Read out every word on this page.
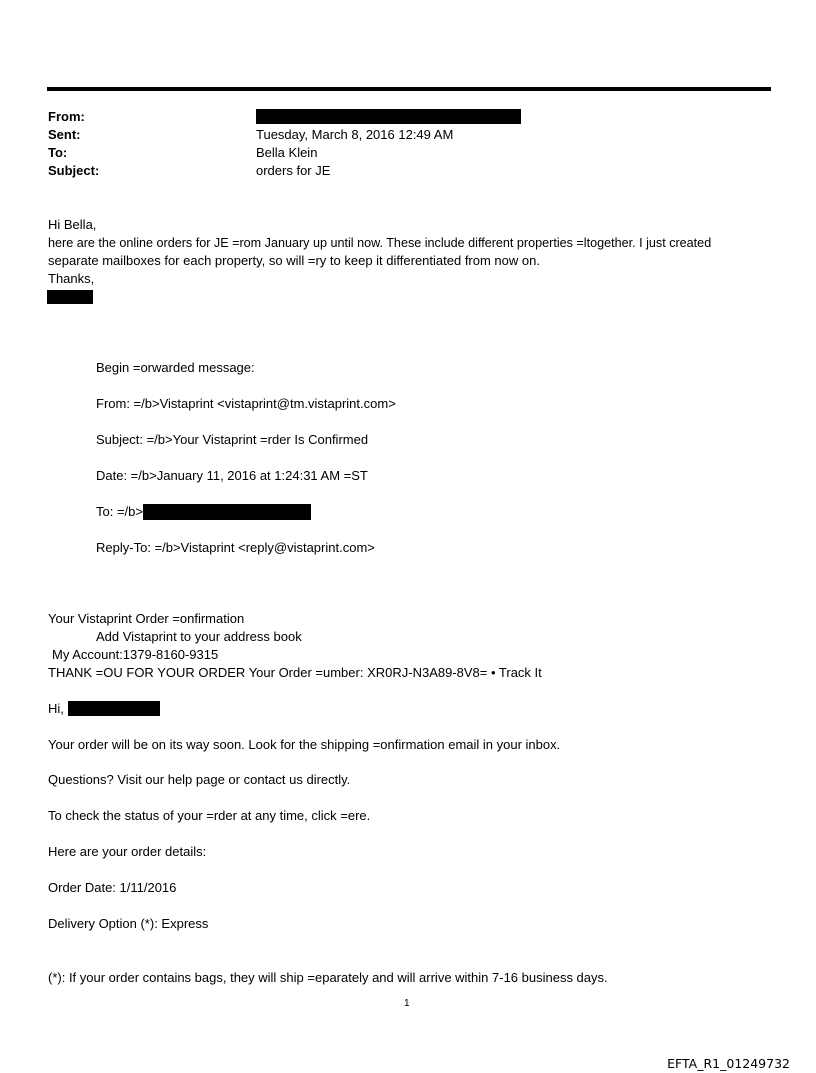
From:
Sent:	Tuesday, March 8, 2016 12:49 AM
To:	Bella Klein
Subject:	orders for JE
Hi Bella,
here are the online orders for JE =rom January up until now. These include different properties =ltogether. I just created
separate mailboxes for each property, so will =ry to keep it differentiated from now on.
Thanks,
Begin =orwarded message:
From: =/b>Vistaprint <vistaprint@tm.vistaprint.com>
Subject: =/b>Your Vistaprint =rder Is Confirmed
Date: =/b>January 11, 2016 at 1:24:31 AM =ST
To: =/b>
Reply-To: =/b>Vistaprint <reply@vistaprint.com>
Your Vistaprint Order =onfirmation
Add Vistaprint to your address book
My Account:1379-8160-9315
THANK =OU FOR YOUR ORDER Your Order =umber: XR0RJ-N3A89-8V8= • Track It
Hi,
Your order will be on its way soon. Look for the shipping =onfirmation email in your inbox.
Questions? Visit our help page or contact us directly.
To check the status of your =rder at any time, click =ere.
Here are your order details:
Order Date: 1/11/2016
Delivery Option (*): Express
(*): If your order contains bags, they will ship =eparately and will arrive within 7-16 business days.
1
EFTA_R1_01249732
